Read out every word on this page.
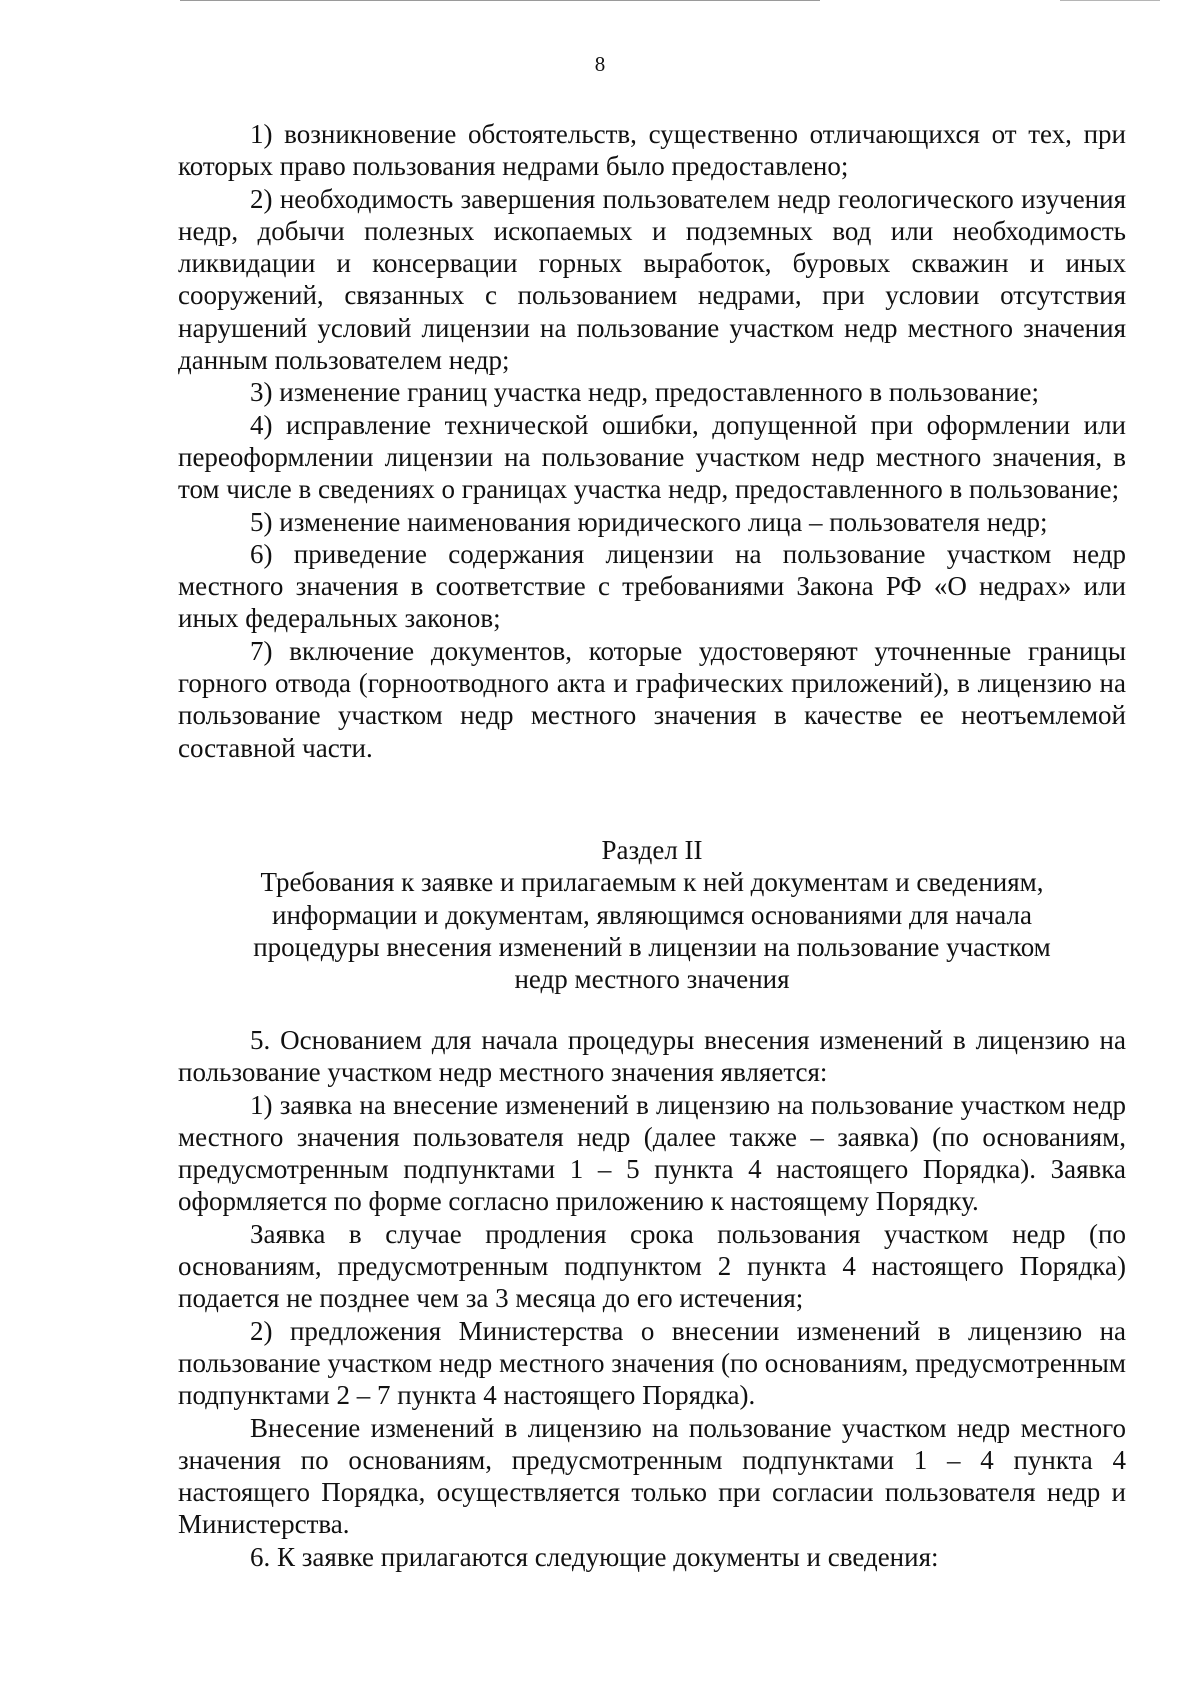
8

1) возникновение обстоятельств, существенно отличающихся от тех, при которых право пользования недрами было предоставлено;

2) необходимость завершения пользователем недр геологического изучения недр, добычи полезных ископаемых и подземных вод или необходимость ликвидации и консервации горных выработок, буровых скважин и иных сооружений, связанных с пользованием недрами, при условии отсутствия нарушений условий лицензии на пользование участком недр местного значения данным пользователем недр;

3) изменение границ участка недр, предоставленного в пользование;

4) исправление технической ошибки, допущенной при оформлении или переоформлении лицензии на пользование участком недр местного значения, в том числе в сведениях о границах участка недр, предоставленного в пользование;

5) изменение наименования юридического лица – пользователя недр;

6) приведение содержания лицензии на пользование участком недр местного значения в соответствие с требованиями Закона РФ «О недрах» или иных федеральных законов;

7) включение документов, которые удостоверяют уточненные границы горного отвода (горноотводного акта и графических приложений), в лицензию на пользование участком недр местного значения в качестве ее неотъемлемой составной части.

Раздел II
Требования к заявке и прилагаемым к ней документам и сведениям, информации и документам, являющимся основаниями для начала процедуры внесения изменений в лицензии на пользование участком недр местного значения

5. Основанием для начала процедуры внесения изменений в лицензию на пользование участком недр местного значения является:

1) заявка на внесение изменений в лицензию на пользование участком недр местного значения пользователя недр (далее также – заявка) (по основаниям, предусмотренным подпунктами 1 – 5 пункта 4 настоящего Порядка). Заявка оформляется по форме согласно приложению к настоящему Порядку.

Заявка в случае продления срока пользования участком недр (по основаниям, предусмотренным подпунктом 2 пункта 4 настоящего Порядка) подается не позднее чем за 3 месяца до его истечения;

2) предложения Министерства о внесении изменений в лицензию на пользование участком недр местного значения (по основаниям, предусмотренным подпунктами 2 – 7 пункта 4 настоящего Порядка).

Внесение изменений в лицензию на пользование участком недр местного значения по основаниям, предусмотренным подпунктами 1 – 4 пункта 4 настоящего Порядка, осуществляется только при согласии пользователя недр и Министерства.

6. К заявке прилагаются следующие документы и сведения:
